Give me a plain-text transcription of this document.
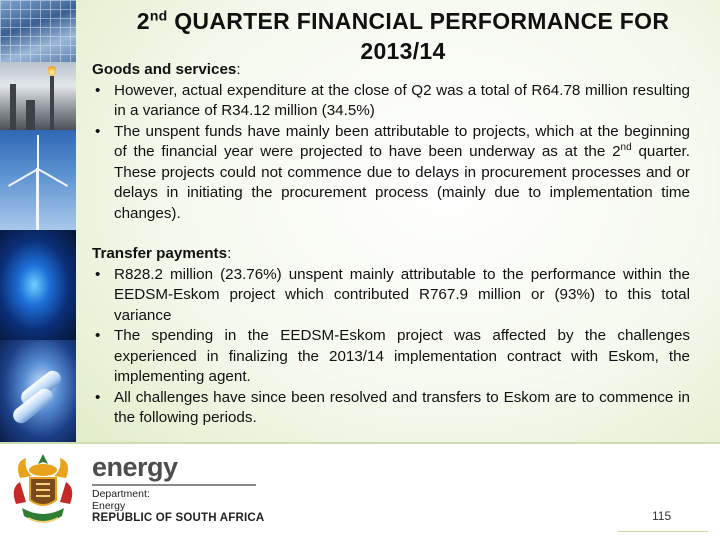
2nd QUARTER FINANCIAL PERFORMANCE FOR
2013/14

Goods and services:

• However, actual expenditure at the close of Q2 was a total of R64.78 million resulting in a variance of R34.12 million (34.5%)
• The unspent funds have mainly been attributable to projects, which at the beginning of the financial year were projected to have been underway as at the 2nd quarter. These projects could not commence due to delays in procurement processes and or delays in initiating the procurement process (mainly due to implementation time changes).

Transfer payments:

• R828.2 million (23.76%) unspent mainly attributable to the performance within the EEDSM-Eskom project which contributed R767.9 million or (93%) to this total variance
• The spending in the EEDSM-Eskom project was affected by the challenges experienced in finalizing the 2013/14 implementation contract with Eskom, the implementing agent.
• All challenges have since been resolved and transfers to Eskom are to commence in the following periods.
energy
Department:
Energy
REPUBLIC OF SOUTH AFRICA	115
